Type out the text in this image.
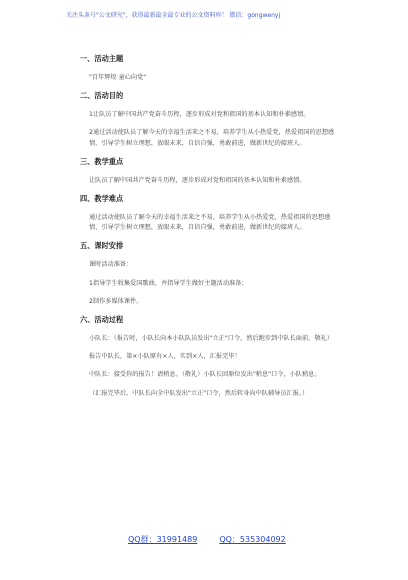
关注头条号"公文研究"，获得最新最全最专业的公文资料库！ 微信：gongwenyj
一、活动主题
"百年辉煌 童心向党"
二、活动目的
1让队员了解中国共产党奋斗历程，逐步形成对党和祖国的基本认知和朴素感情。
2通过活动使队员了解今天的幸福生活来之不易，培养学生从小热爱党，热爱祖国的思想感情，引导学生树立理想，放眼未来，自信自强，勇敢前进，做新世纪的接班人。
三、教学重点
让队员了解中国共产党奋斗历程，逐步形成对党和祖国的基本认知和朴素感情。
四、教学难点
通过活动使队员了解今天的幸福生活来之不易，培养学生从小热爱党，热爱祖国的思想感情，引导学生树立理想，放眼未来，自信自强，勇敢前进，做新世纪的接班人。
五、课时安排
课时活动准备：
1指导学生收集爱国歌曲，并指导学生做好主题活动准备；
2制作多媒体课件。
六、活动过程
小队长：（报告时，小队长向本小队队员发出"立正"口令，然后跑步到中队长面前，敬礼）
报告中队长，第×小队原有×人，实到×人，汇报完毕！
中队长：接受你的报告！请稍息。（敬礼）小队长回原位发出"稍息"口令，小队稍息。
（汇报完毕后，中队长向全中队发出"立正"口令，然后转身向中队辅导员汇报。）
QQ群：31991489	QQ：535304092
